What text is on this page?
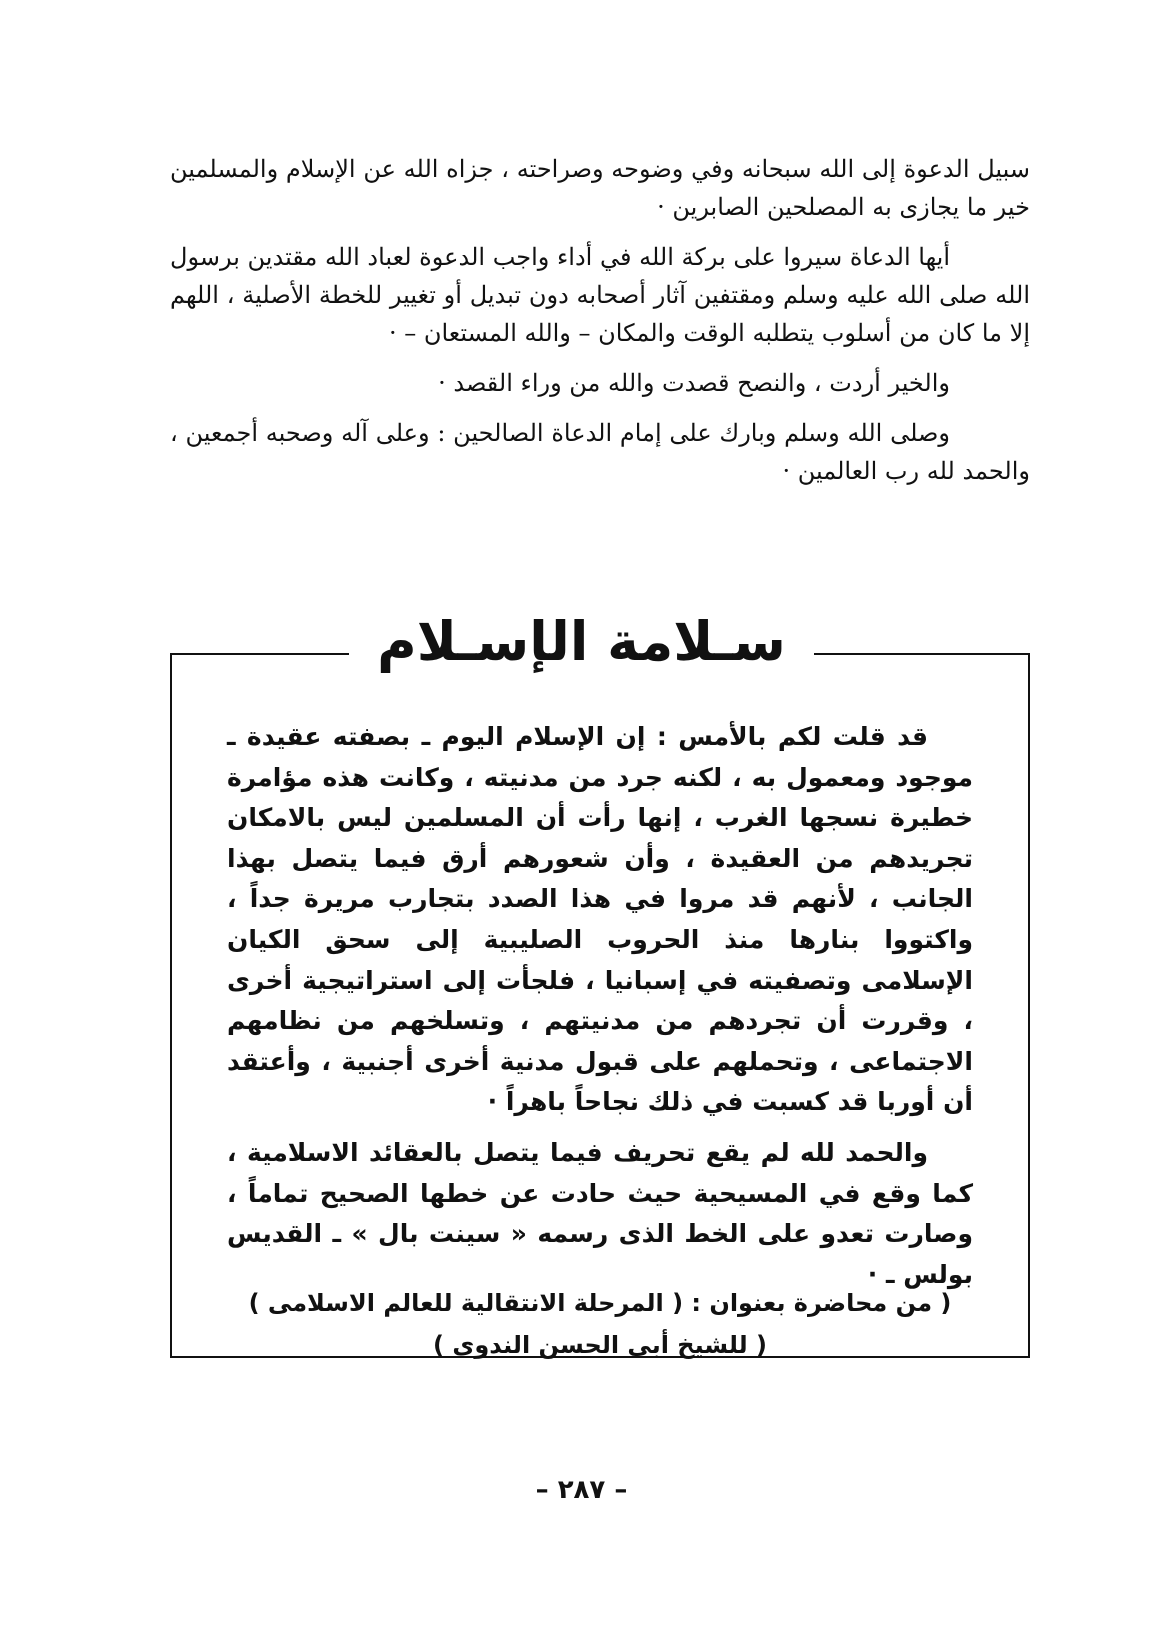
سبيل الدعوة إلى الله سبحانه وفي وضوحه وصراحته ، جزاه الله عن الإسلام والمسلمين خير ما يجازى به المصلحين الصابرين ·

أيها الدعاة سيروا على بركة الله في أداء واجب الدعوة لعباد الله مقتدين برسول الله صلى الله عليه وسلم ومقتفين آثار أصحابه دون تبديل أو تغيير للخطة الأصلية ، اللهم إلا ما كان من أسلوب يتطلبه الوقت والمكان – والله المستعان – ·

والخير أردت ، والنصح قصدت والله من وراء القصد ·

وصلى الله وسلم وبارك على إمام الدعاة الصالحين : وعلى آله وصحبه أجمعين ، والحمد لله رب العالمين ·

قد قلت لكم بالأمس : إن الإسلام اليوم ـ بصفته عقيدة ـ موجود ومعمول به ، لكنه جرد من مدنيته ، وكانت هذه مؤامرة خطيرة نسجها الغرب ، إنها رأت أن المسلمين ليس بالامكان تجريدهم من العقيدة ، وأن شعورهم أرق فيما يتصل بهذا الجانب ، لأنهم قد مروا في هذا الصدد بتجارب مريرة جداً ، واكتووا بنارها منذ الحروب الصليبية إلى سحق الكيان الإسلامى وتصفيته في إسبانيا ، فلجأت إلى استراتيجية أخرى ، وقررت أن تجردهم من مدنيتهم ، وتسلخهم من نظامهم الاجتماعى ، وتحملهم على قبول مدنية أخرى أجنبية ، وأعتقد أن أوربا قد كسبت في ذلك نجاحاً باهراً ·

والحمد لله لم يقع تحريف فيما يتصل بالعقائد الاسلامية ، كما وقع في المسيحية حيث حادت عن خطها الصحيح تماماً ، وصارت تعدو على الخط الذى رسمه « سينت بال » ـ القديس بولس ـ ·

( من محاضرة بعنوان : ( المرحلة الانتقالية للعالم الاسلامى )
( للشيخ أبى الحسن الندوى )
سـلامة الإسـلام
– ٢٨٧ –
